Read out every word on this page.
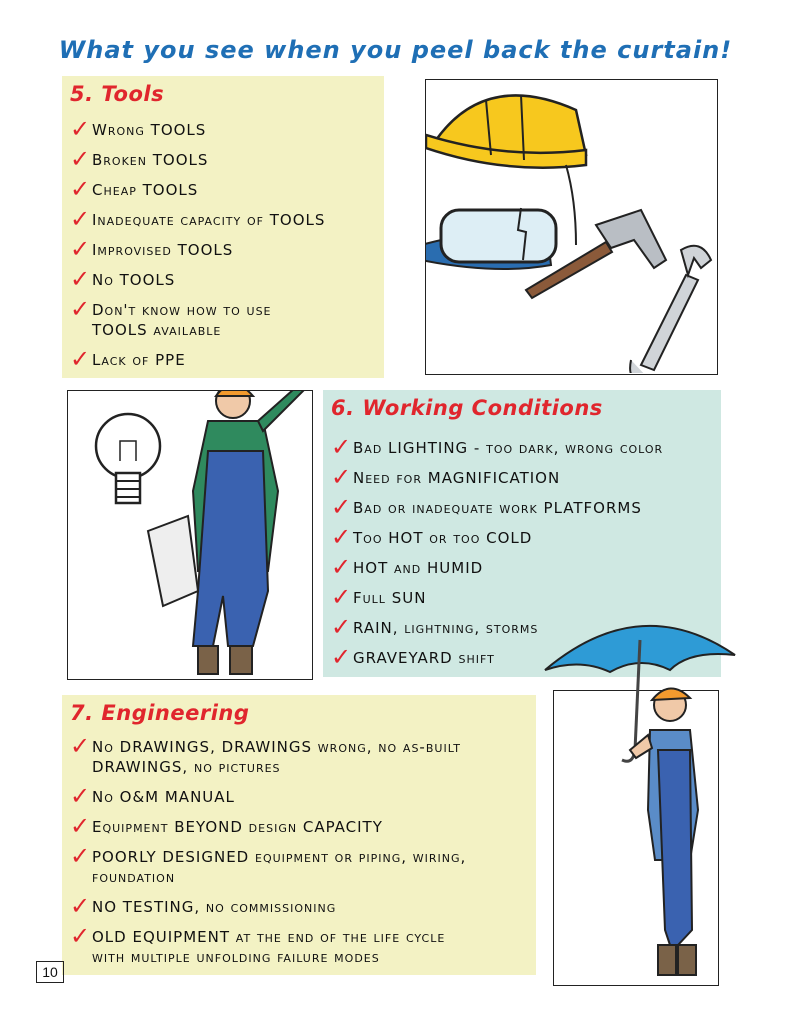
What you see when you peel back the curtain!
5. Tools
✓ Wrong TOOLS
✓ Broken TOOLS
✓ Cheap TOOLS
✓ Inadequate capacity of TOOLS
✓ Improvised TOOLS
✓ No TOOLS
✓ Don't know how to use
TOOLS available
✓ Lack of PPE
6. Working Conditions
✓ Bad LIGHTING - too dark, wrong color
✓ Need for MAGNIFICATION
✓ Bad or inadequate work PLATFORMS
✓ Too HOT or too COLD
✓ HOT and HUMID
✓ Full SUN
✓ RAIN, lightning, storms
✓ GRAVEYARD shift
7. Engineering
✓ No DRAWINGS, DRAWINGS wrong, no as-built
DRAWINGS, no pictures
✓ No O&M MANUAL
✓ Equipment BEYOND design CAPACITY
✓ POORLY DESIGNED equipment or piping, wiring,
foundation
✓ NO TESTING, no commissioning
✓ OLD EQUIPMENT at the end of the life cycle
with multiple unfolding failure modes
10
